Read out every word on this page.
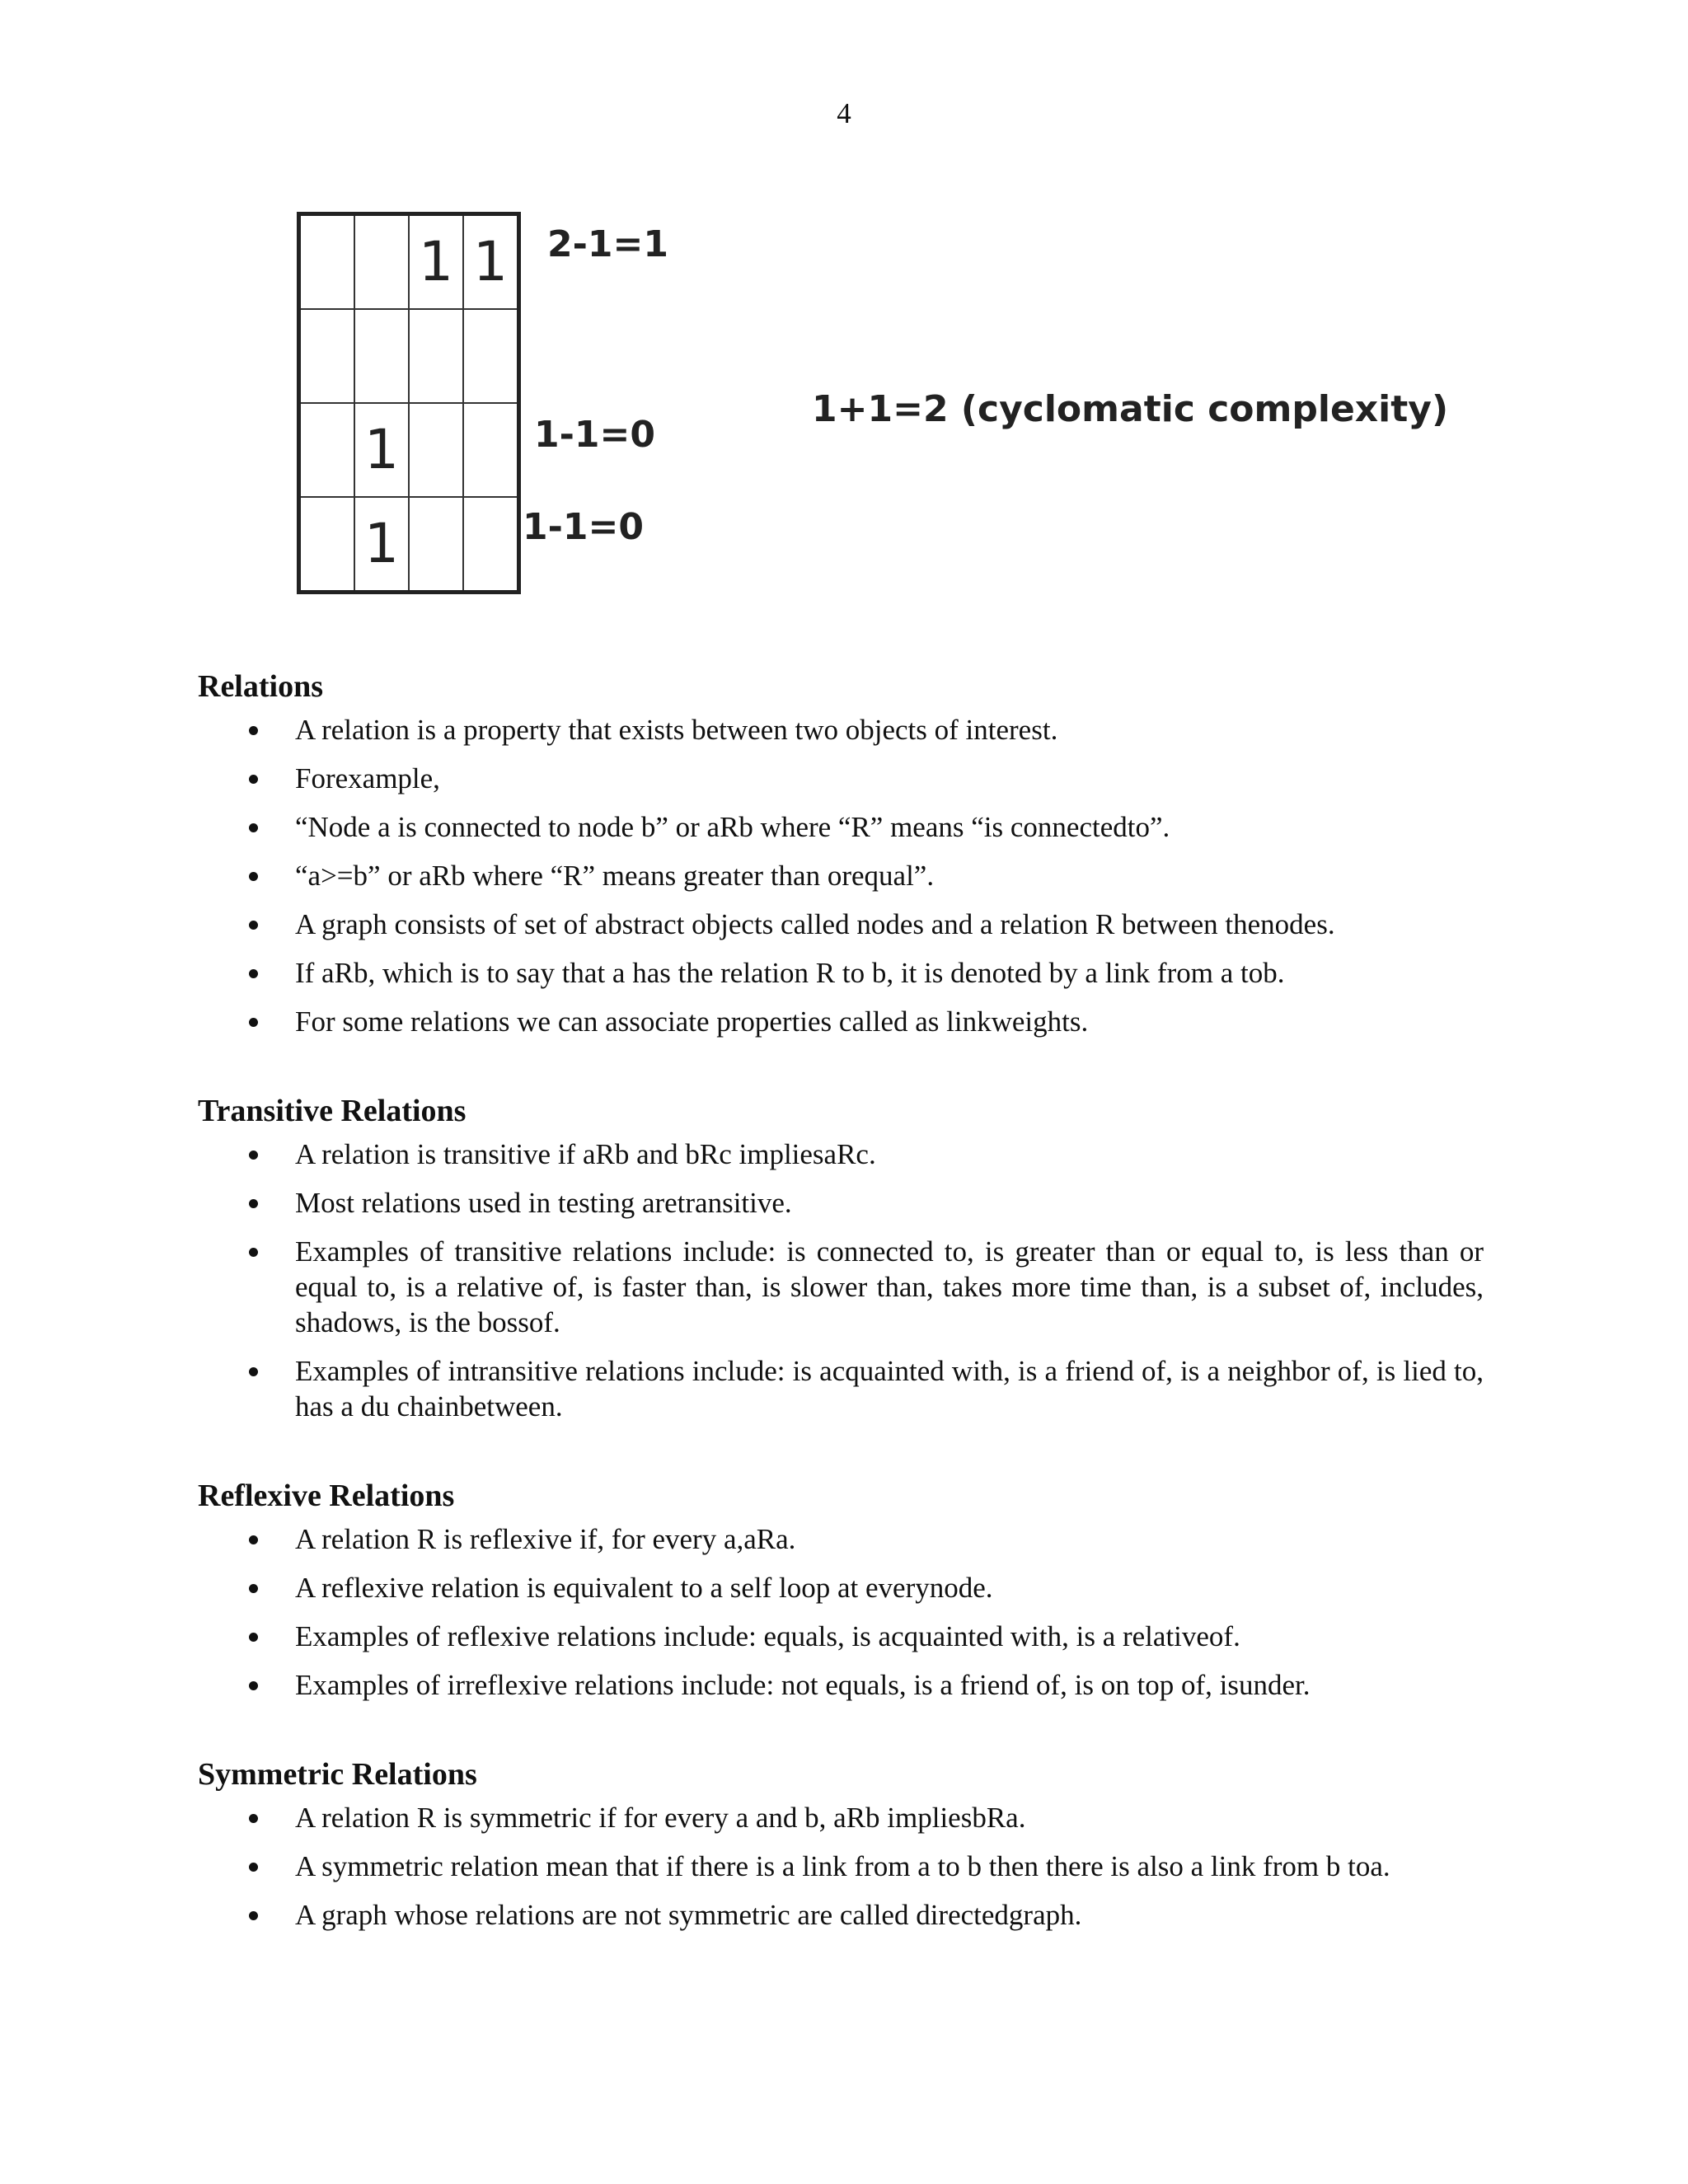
4
		1	1

	1		
	1		
2-1=1
1-1=0
1-1=0
1+1=2 (cyclomatic complexity)
Relations
A relation is a property that exists between two objects of interest.
Forexample,
“Node a is connected to node b” or aRb where “R” means “is connectedto”.
“a>=b” or aRb where “R” means greater than orequal”.
A graph consists of set of abstract objects called nodes and a relation R between thenodes.
If aRb, which is to say that a has the relation R to b, it is denoted by a link from a tob.
For some relations we can associate properties called as linkweights.
Transitive Relations
A relation is transitive if aRb and bRc impliesaRc.
Most relations used in testing aretransitive.
Examples of transitive relations include: is connected to, is greater than or equal to, is less than or equal to, is a relative of, is faster than, is slower than, takes more time than, is a subset of, includes, shadows, is the bossof.
Examples of intransitive relations include: is acquainted with, is a friend of, is a neighbor of, is lied to, has a du chainbetween.
Reflexive Relations
A relation R is reflexive if, for every a,aRa.
A reflexive relation is equivalent to a self loop at everynode.
Examples of reflexive relations include: equals, is acquainted with, is a relativeof.
Examples of irreflexive relations include: not equals, is a friend of, is on top of, isunder.
Symmetric Relations
A relation R is symmetric if for every a and b, aRb impliesbRa.
A symmetric relation mean that if there is a link from a to b then there is also a link from b toa.
A graph whose relations are not symmetric are called directedgraph.
